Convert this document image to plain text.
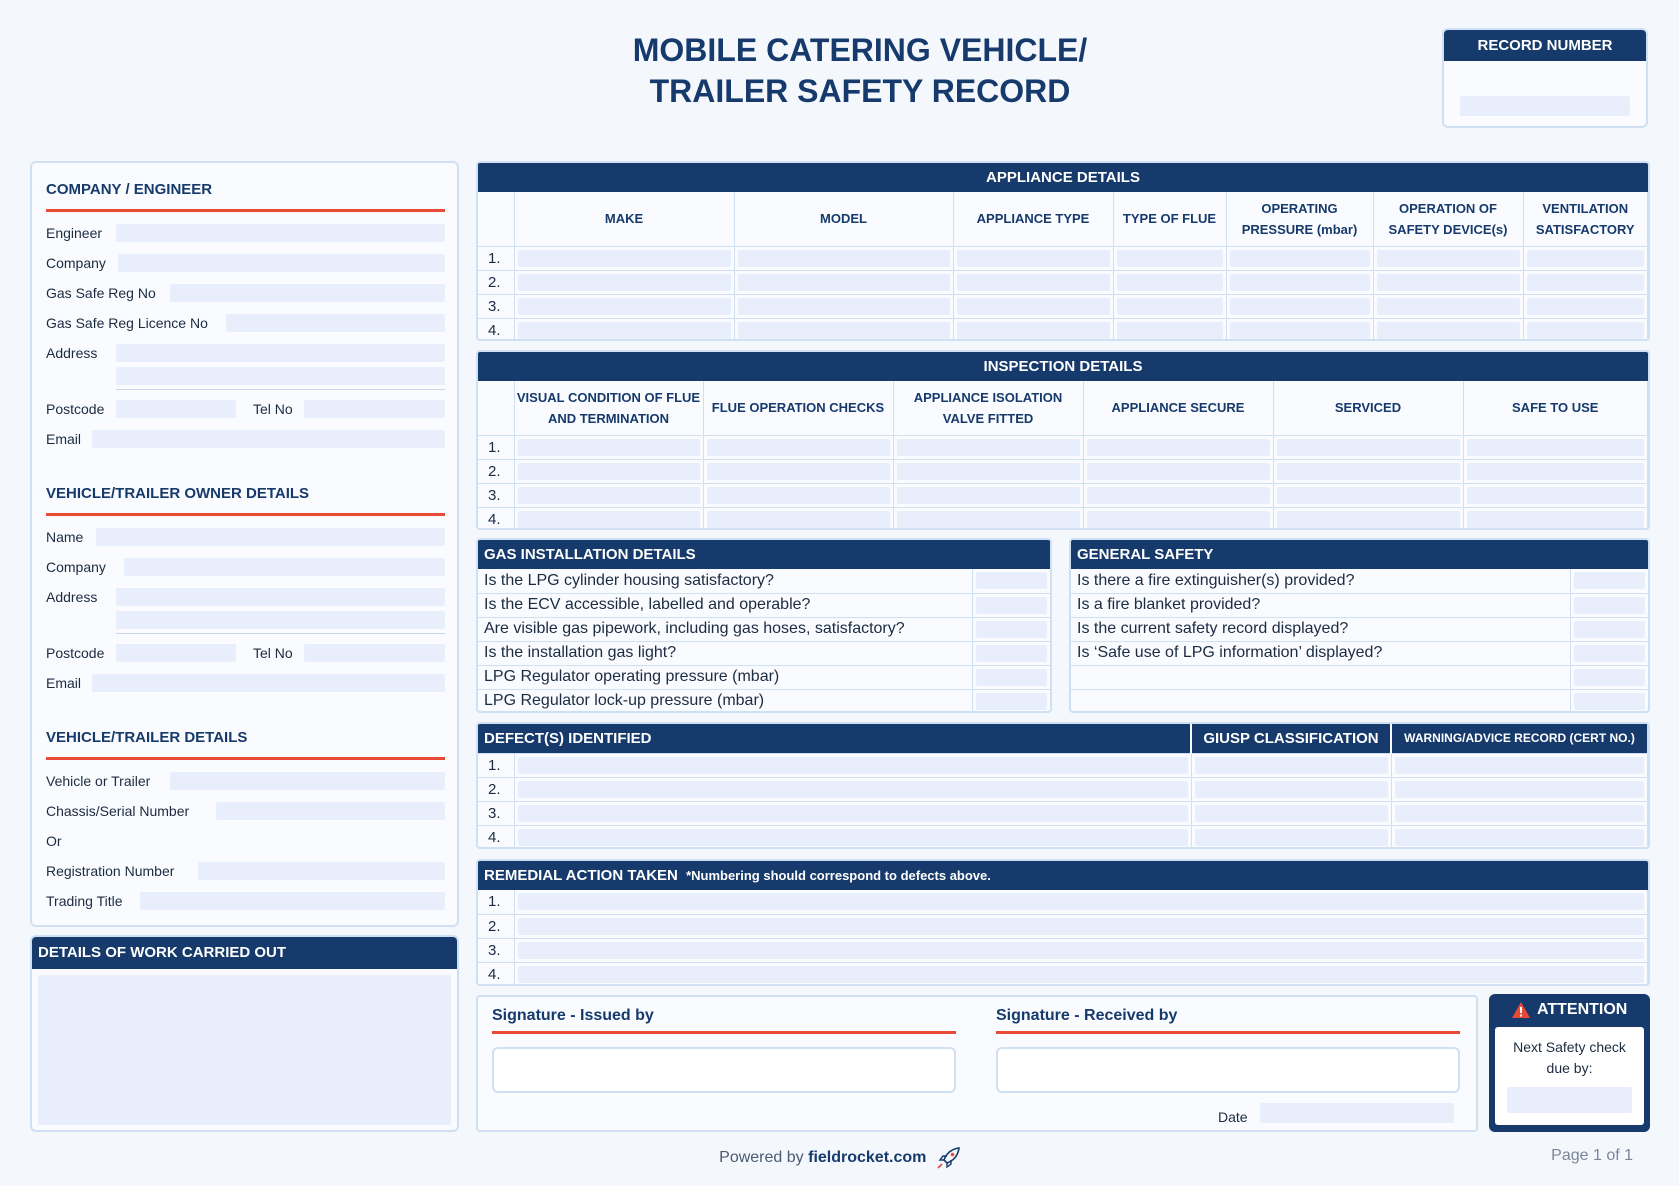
MOBILE CATERING VEHICLE/
TRAILER SAFETY RECORD
RECORD NUMBER
COMPANY / ENGINEER
Engineer
Company
Gas Safe Reg No
Gas Safe Reg Licence No
Address
Postcode	Tel No
Email
VEHICLE/TRAILER OWNER DETAILS
Name
Company
Address
Postcode	Tel No
Email
VEHICLE/TRAILER DETAILS
Vehicle or Trailer
Chassis/Serial Number
Or
Registration Number
Trading Title
DETAILS OF WORK CARRIED OUT
APPLIANCE DETAILS
	MAKE	MODEL	APPLIANCE TYPE	TYPE OF FLUE	OPERATING PRESSURE (mbar)	OPERATION OF SAFETY DEVICE(s)	VENTILATION SATISFACTORY
1.	

2.	

3.	

4.	

INSPECTION DETAILS
	VISUAL CONDITION OF FLUE AND TERMINATION	FLUE OPERATION CHECKS	APPLIANCE ISOLATION VALVE FITTED	APPLIANCE SECURE	SERVICED	SAFE TO USE
1.	

2.	

3.	

4.	

GAS INSTALLATION DETAILS
Is the LPG cylinder housing satisfactory?	

Is the ECV accessible, labelled and operable?	

Are visible gas pipework, including gas hoses, satisfactory?	

Is the installation gas light?	

LPG Regulator operating pressure (mbar)	

LPG Regulator lock-up pressure (mbar)	
GENERAL SAFETY
Is there a fire extinguisher(s) provided?	

Is a fire blanket provided?	

Is the current safety record displayed?	

Is ‘Safe use of LPG information’ displayed?	

DEFECT(S) IDENTIFIED		GIUSP CLASSIFICATION	WARNING/ADVICE RECORD (CERT NO.)
1.	

2.	

3.	

4.	

REMEDIAL ACTION TAKEN *Numbering should correspond to defects above.
1.	

2.	

3.	

4.	
Signature - Issued by	Signature - Received by
Date
ATTENTION
Next Safety check due by:
Powered by fieldrocket.com	Page 1 of 1
